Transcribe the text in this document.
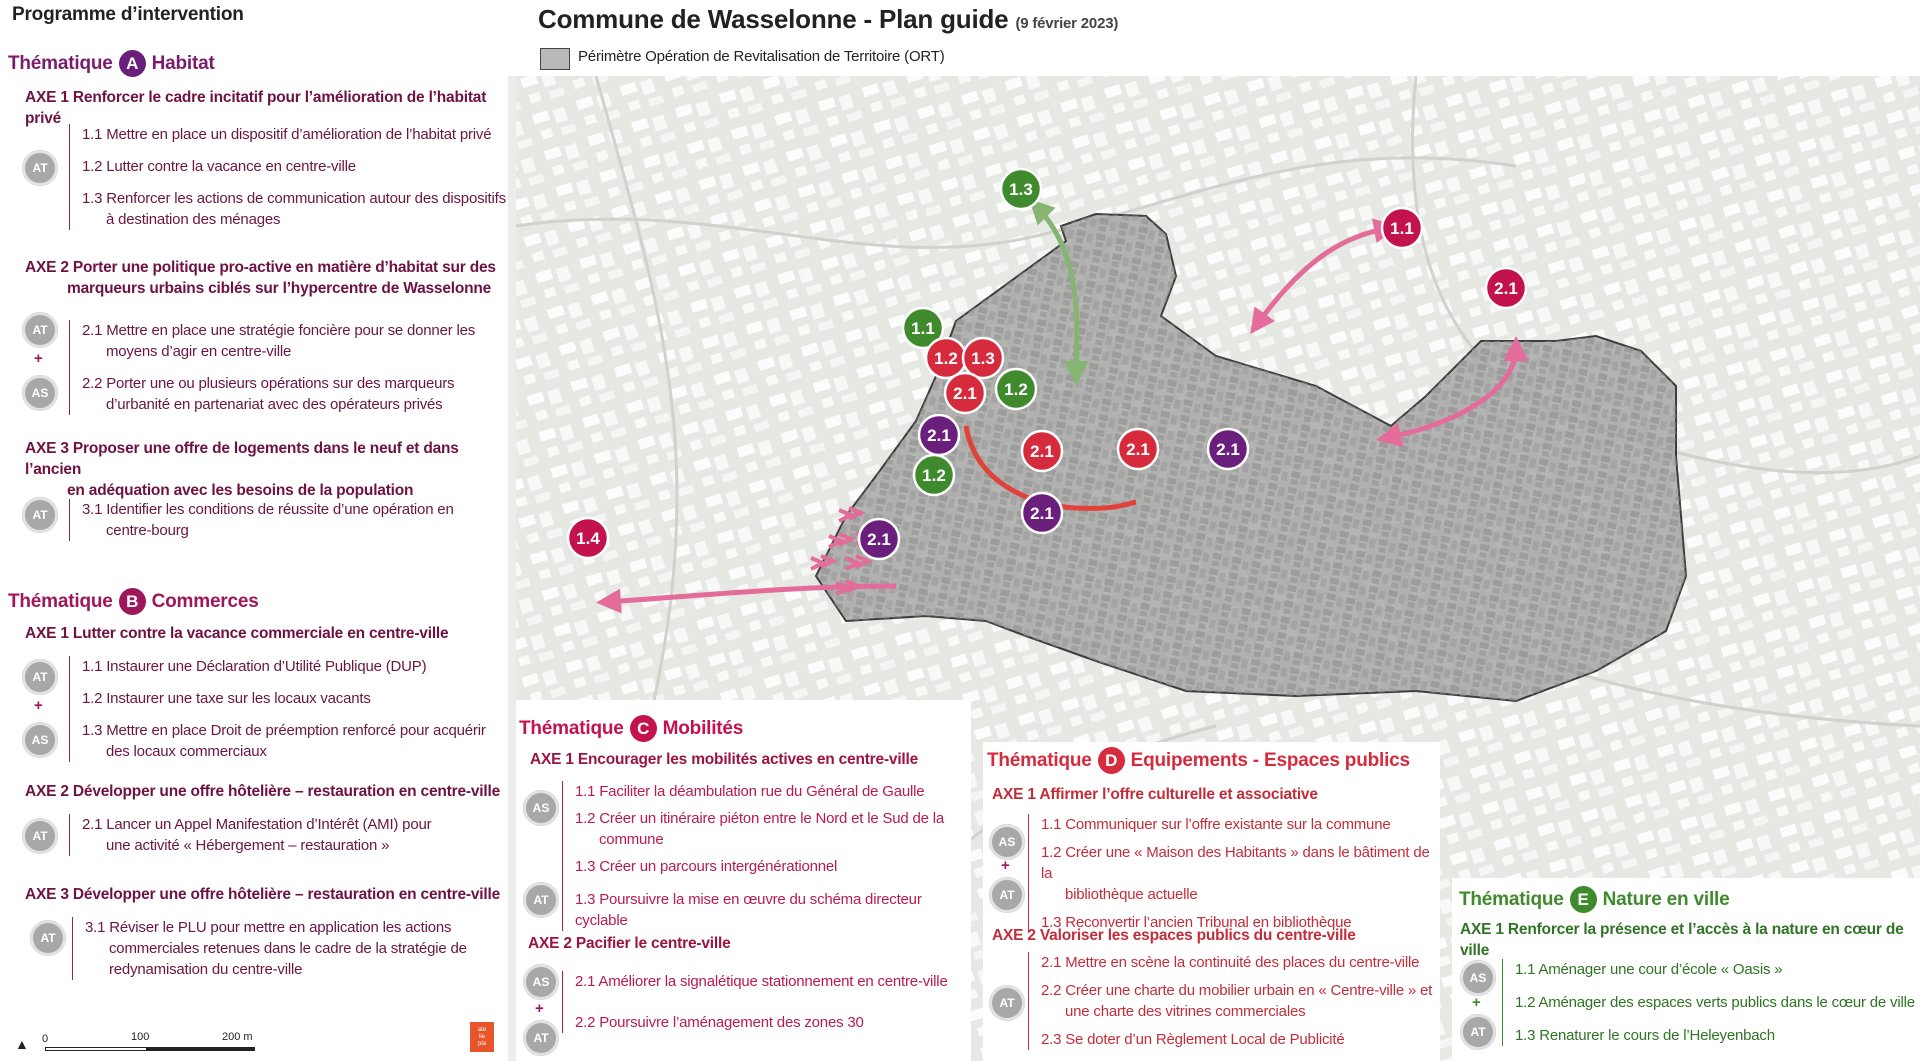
Programme d’intervention
Thématique A Habitat
AXE 1 Renforcer le cadre incitatif pour l’amélioration de l’habitat privé
AT
1.1 Mettre en place un dispositif d’amélioration de l’habitat privé
1.2 Lutter contre la vacance en centre-ville
1.3 Renforcer les actions de communication autour des dispositifs
à destination des ménages
AXE 2 Porter une politique pro-active en matière d’habitat sur des
marqueurs urbains ciblés sur l’hypercentre de Wasselonne
AT
+
AS
2.1 Mettre en place une stratégie foncière pour se donner les
moyens d’agir en centre-ville
2.2 Porter une ou plusieurs opérations sur des marqueurs
d’urbanité en partenariat avec des opérateurs privés
AXE 3 Proposer une offre de logements dans le neuf et dans l’ancien
en adéquation avec les besoins de la population
AT	3.1 Identifier les conditions de réussite d’une opération en
centre-bourg
Thématique B Commerces
AXE 1 Lutter contre la vacance commerciale en centre-ville
AT
+
AS
1.1 Instaurer une Déclaration d’Utilité Publique (DUP)
1.2 Instaurer une taxe sur les locaux vacants
1.3 Mettre en place Droit de préemption renforcé pour acquérir
des locaux commerciaux
AXE 2 Développer une offre hôtelière – restauration en centre-ville
AT
2.1 Lancer un Appel Manifestation d’Intérêt (AMI) pour
une activité « Hébergement – restauration »
AXE 3 Développer une offre hôtelière – restauration en centre-ville
AT
3.1 Réviser le PLU pour mettre en application les actions
commerciales retenues dans le cadre de la stratégie de
redynamisation du centre-ville
▲ 0	100	200 m
ate
lie
pia
Commune de Wasselonne - Plan guide (9 février 2023)
Périmètre Opération de Revitalisation de Territoire (ORT)
1.3
1.1
2.1
1.1
1.2 1.3
2.1 1.2
2.1
1.2
2.1	2.1	2.1
2.1
2.1
1.4
Thématique C Mobilités
AXE 1 Encourager les mobilités actives en centre-ville
AS
AT
1.1 Faciliter la déambulation rue du Général de Gaulle
1.2 Créer un itinéraire piéton entre le Nord et le Sud de la
commune
1.3 Créer un parcours intergénérationnel
1.3 Poursuivre la mise en œuvre du schéma directeur cyclable
AXE 2 Pacifier le centre-ville
AS
+
AT
2.1 Améliorer la signalétique stationnement en centre-ville
2.2 Poursuivre l’aménagement des zones 30
Thématique D Equipements - Espaces publics
AXE 1 Affirmer l’offre culturelle et associative
AS
+
AT
1.1 Communiquer sur l’offre existante sur la commune
1.2 Créer une « Maison des Habitants » dans le bâtiment de la
bibliothèque actuelle
1.3 Reconvertir l’ancien Tribunal en bibliothèque
AXE 2 Valoriser les espaces publics du centre-ville
AT
2.1 Mettre en scène la continuité des places du centre-ville
2.2 Créer une charte du mobilier urbain en « Centre-ville » et
une charte des vitrines commerciales
2.3 Se doter d’un Règlement Local de Publicité
Thématique E Nature en ville
AXE 1 Renforcer la présence et l’accès à la nature en cœur de ville
AS
+
AT
1.1 Aménager une cour d’école « Oasis »
1.2 Aménager des espaces verts publics dans le cœur de ville
1.3 Renaturer le cours de l’Heleyenbach
